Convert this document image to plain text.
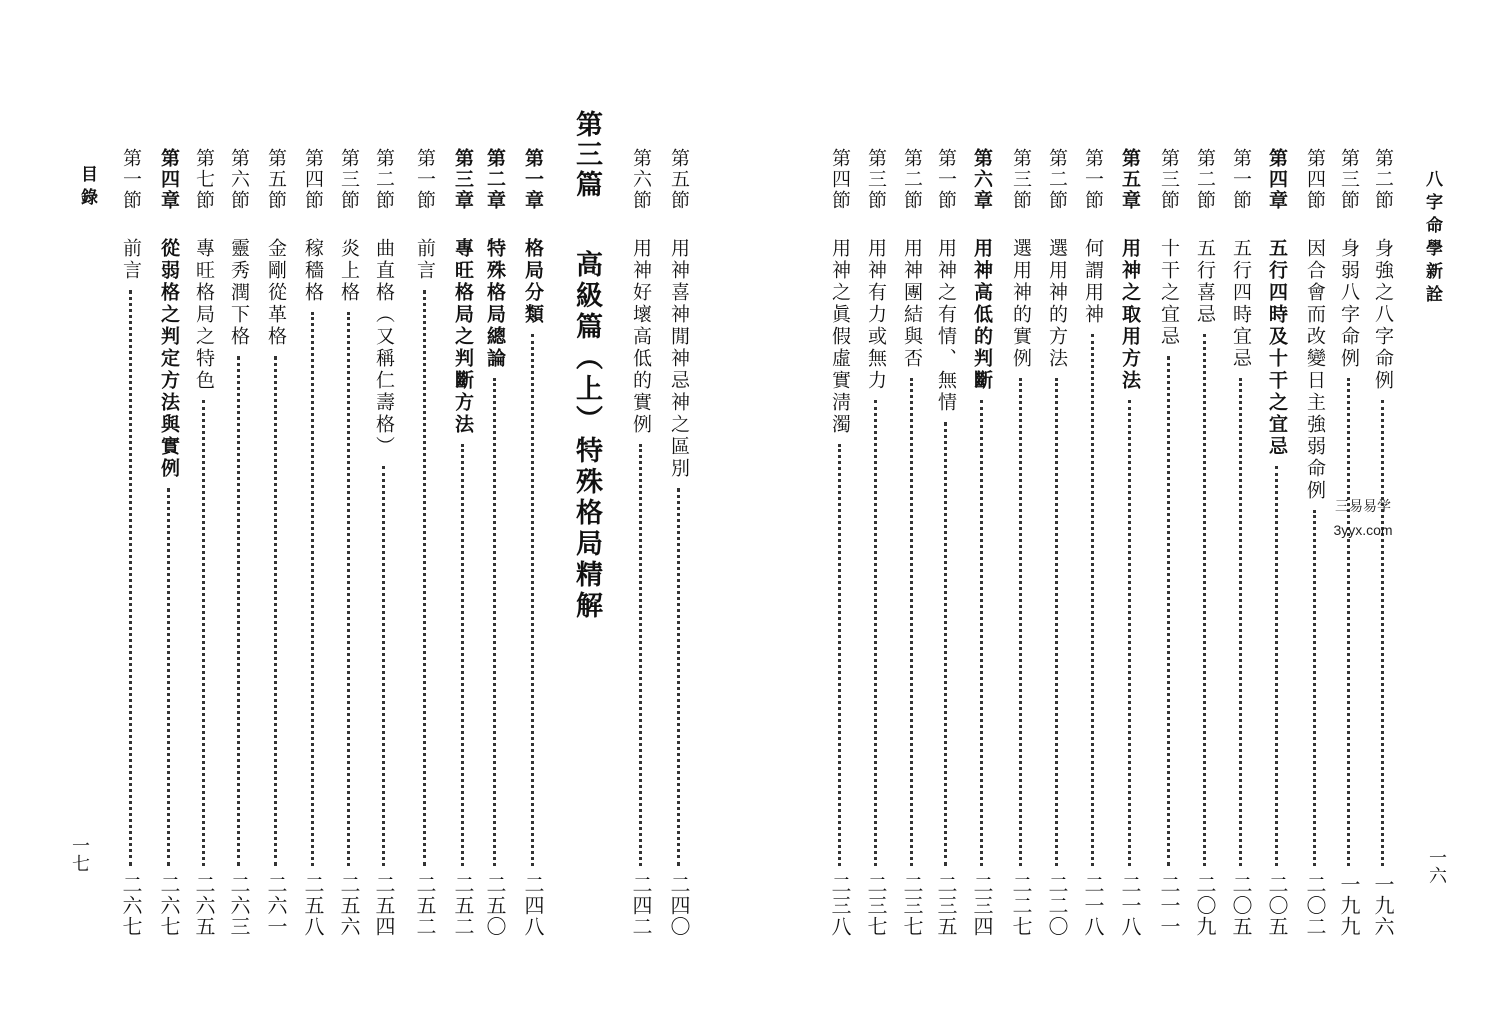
八字命學新詮
一六
第二節
身強之八字命例
一九六
第三節
身弱八字命例
一九九
第四節
因合會而改變日主強弱命例
二〇二
第四章
五行四時及十干之宜忌
二〇五
第一節
五行四時宜忌
二〇五
第二節
五行喜忌
二〇九
第三節
十干之宜忌
二一一
第五章
用神之取用方法
二一八
第一節
何謂用神
二一八
第二節
選用神的方法
二二〇
第三節
選用神的實例
二二七
第六章
用神高低的判斷
二三四
第一節
用神之有情、無情
二三五
第二節
用神團結與否
二三七
第三節
用神有力或無力
二三七
第四節
用神之眞假虛實淸濁
二三八
三易易学
3yyx.com
目錄
一七
第五節
用神喜神閒神忌神之區別
二四〇
第六節
用神好壞高低的實例
二四二
第三篇
高級篇（上）特殊格局精解
第一章
格局分類
二四八
第二章
特殊格局總論
二五〇
第三章
專旺格局之判斷方法
二五二
第一節
前言
二五二
第二節
曲直格（又稱仁壽格）
二五四
第三節
炎上格
二五六
第四節
稼穡格
二五八
第五節
金剛從革格
二六一
第六節
靈秀潤下格
二六三
第七節
專旺格局之特色
二六五
第四章
從弱格之判定方法與實例
二六七
第一節
前言
二六七
